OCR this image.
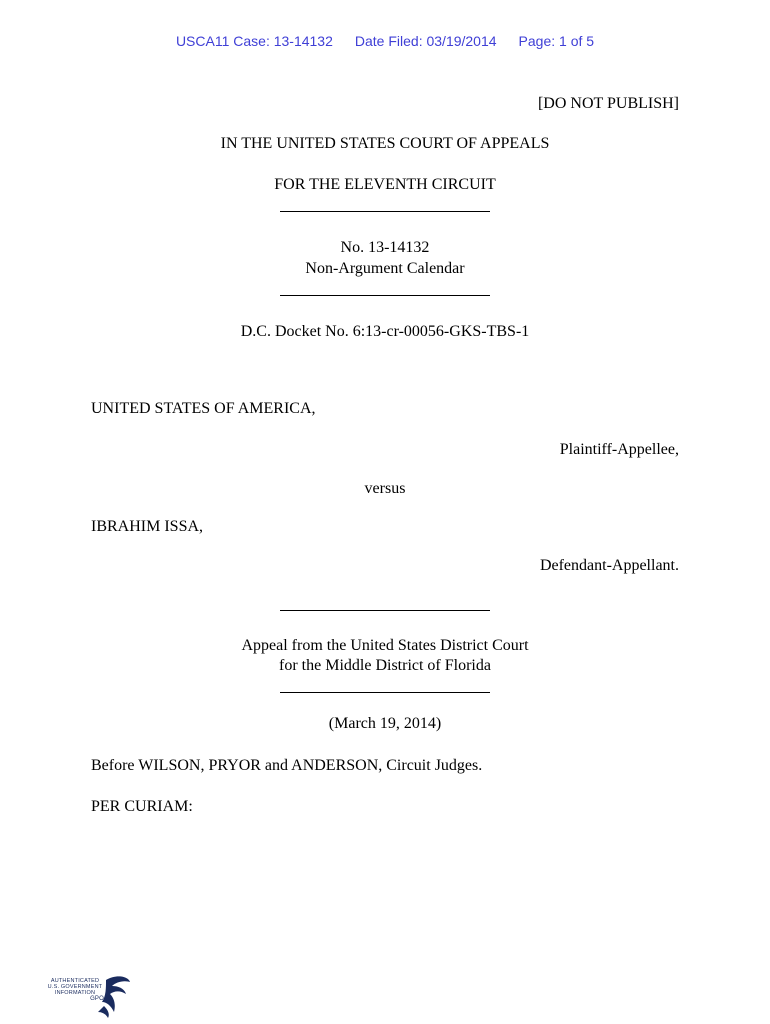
USCA11 Case: 13-14132 Date Filed: 03/19/2014 Page: 1 of 5
[DO NOT PUBLISH]
IN THE UNITED STATES COURT OF APPEALS
FOR THE ELEVENTH CIRCUIT
No. 13-14132
Non-Argument Calendar
D.C. Docket No. 6:13-cr-00056-GKS-TBS-1
UNITED STATES OF AMERICA,
Plaintiff-Appellee,
versus
IBRAHIM ISSA,
Defendant-Appellant.
Appeal from the United States District Court
for the Middle District of Florida
(March 19, 2014)
Before WILSON, PRYOR and ANDERSON, Circuit Judges.
PER CURIAM:
AUTHENTICATED
U.S. GOVERNMENT
INFORMATION
GPO
